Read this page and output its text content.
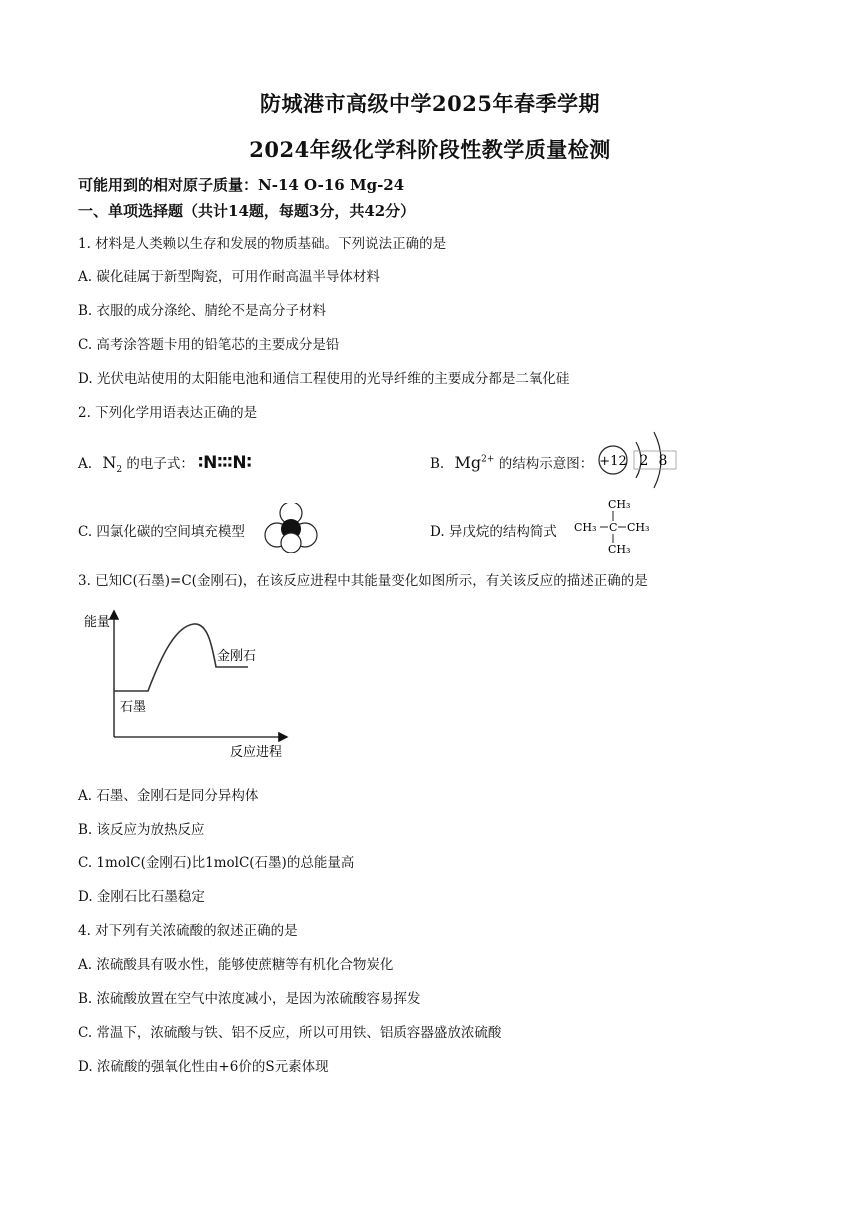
防城港市高级中学2025年春季学期
2024年级化学科阶段性教学质量检测
可能用到的相对原子质量：N-14 O-16 Mg-24
一、单项选择题（共计14题，每题3分，共42分）
1. 材料是人类赖以生存和发展的物质基础。下列说法正确的是
A. 碳化硅属于新型陶瓷，可用作耐高温半导体材料
B. 衣服的成分涤纶、腈纶不是高分子材料
C. 高考涂答题卡用的铅笔芯的主要成分是铅
D. 光伏电站使用的太阳能电池和通信工程使用的光导纤维的主要成分都是二氧化硅
2. 下列化学用语表达正确的是
A. $N_2$ 的电子式： ∶N∶∶∶N∶	B. $Mg^{2+}$ 的结构示意图： +12 2 8
C. 四氯化碳的空间填充模型	D. 异戊烷的结构简式
CH₃
CH₃ C CH₃
CH₃
3. 已知C(石墨)=C(金刚石)，在该反应进程中其能量变化如图所示，有关该反应的描述正确的是
能量
反应进程
石墨
金刚石
A. 石墨、金刚石是同分异构体
B. 该反应为放热反应
C. 1molC(金刚石)比1molC(石墨)的总能量高
D. 金刚石比石墨稳定
4. 对下列有关浓硫酸的叙述正确的是
A. 浓硫酸具有吸水性，能够使蔗糖等有机化合物炭化
B. 浓硫酸放置在空气中浓度减小，是因为浓硫酸容易挥发
C. 常温下，浓硫酸与铁、铝不反应，所以可用铁、铝质容器盛放浓硫酸
D. 浓硫酸的强氧化性由+6价的S元素体现
